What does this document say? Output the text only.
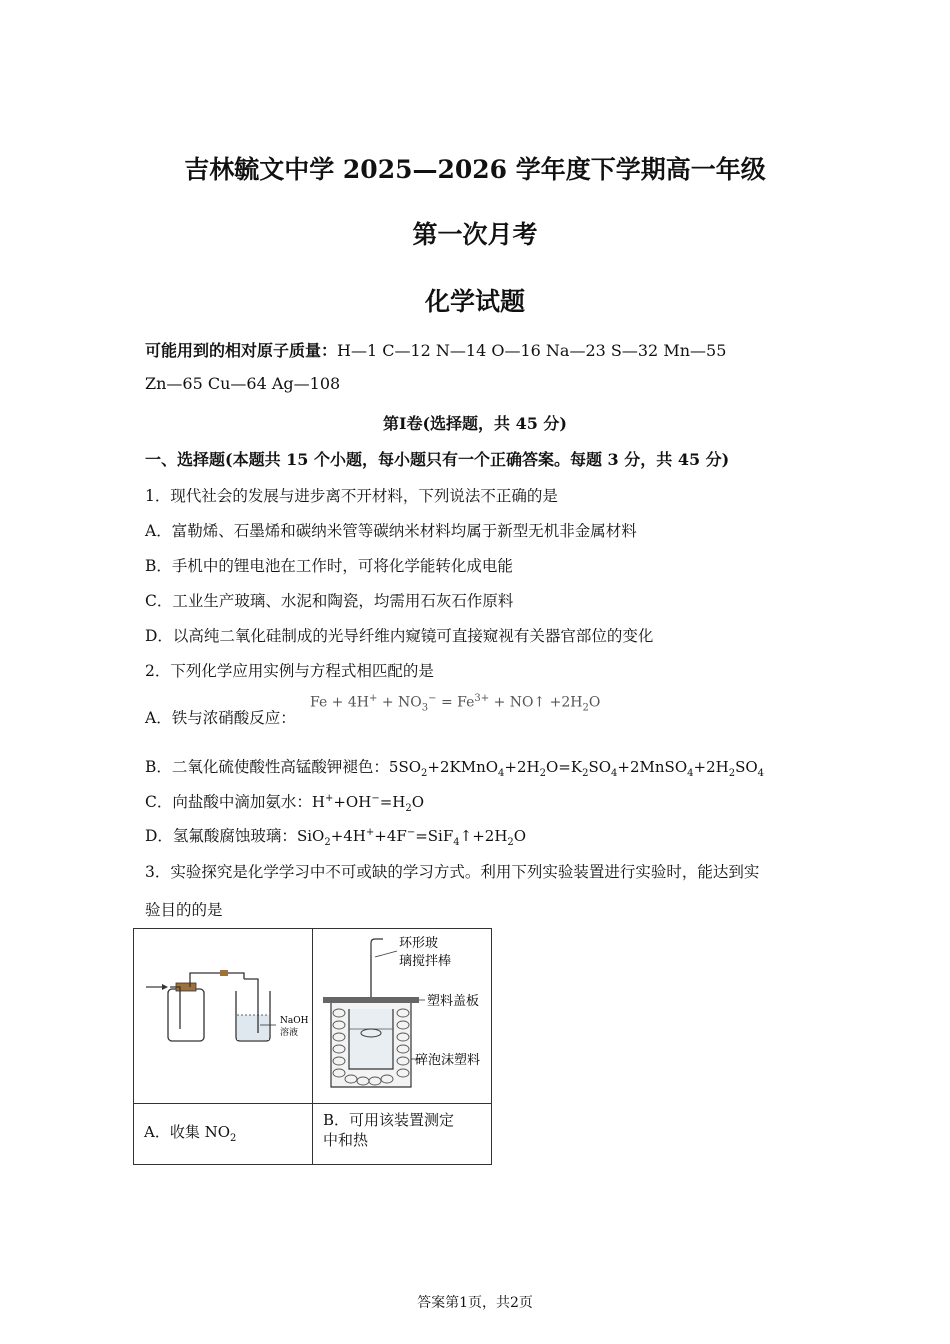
吉林毓文中学 2025—2026 学年度下学期高一年级
第一次月考
化学试题
可能用到的相对原子质量：H—1 C—12 N—14 O—16 Na—23 S—32 Mn—55
Zn—65 Cu—64 Ag—108
第Ⅰ卷(选择题，共 45 分)
一、选择题(本题共 15 个小题，每小题只有一个正确答案。每题 3 分，共 45 分)
1．现代社会的发展与进步离不开材料，下列说法不正确的是
A．富勒烯、石墨烯和碳纳米管等碳纳米材料均属于新型无机非金属材料
B．手机中的锂电池在工作时，可将化学能转化成电能
C．工业生产玻璃、水泥和陶瓷，均需用石灰石作原料
D．以高纯二氧化硅制成的光导纤维内窥镜可直接窥视有关器官部位的变化
2．下列化学应用实例与方程式相匹配的是
A．铁与浓硝酸反应：
$Fe + 4H^+ + NO_3^- = Fe^{3+}$ + NO↑ $+2H_2O$
B．二氧化硫使酸性高锰酸钾褪色：$5SO_2+2KMnO_4+2H_2O=K_2SO_4+2MnSO_4+2H_2SO_4$
C．向盐酸中滴加氨水：$H^++OH^-=H_2O$
D．氢氟酸腐蚀玻璃：$SiO_2+4H^++4F^-=SiF_4↑+2H_2O$
3．实验探究是化学学习中不可或缺的学习方式。利用下列实验装置进行实验时，能达到实
验目的的是
NaOH
溶液	环形玻
璃搅拌棒
塑料盖板
碎泡沫塑料

A．收集 $NO_2$	B．可用该装置测定
中和热
答案第1页，共2页
